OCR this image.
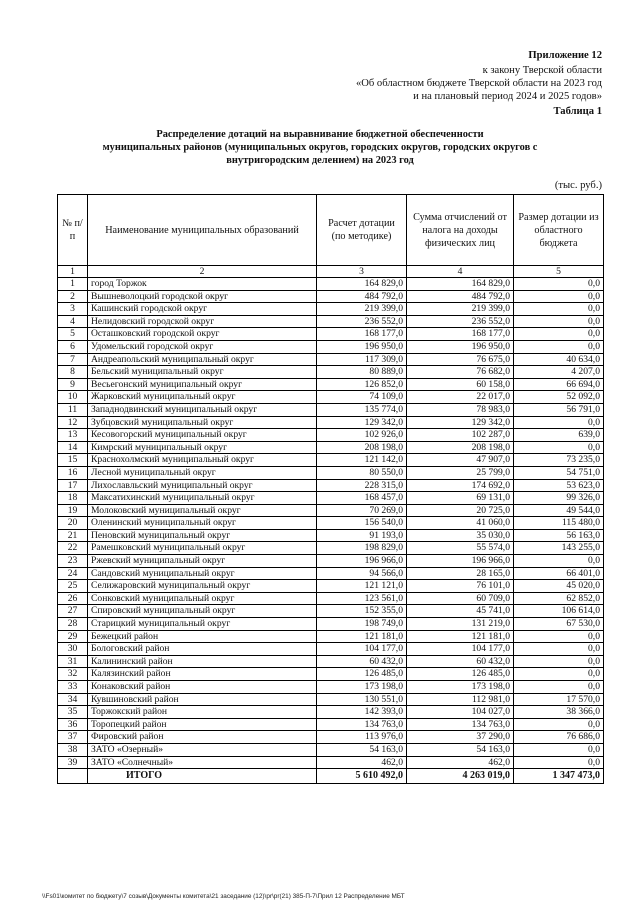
Приложение 12
к закону Тверской области
«Об областном бюджете Тверской области на 2023 год
и на плановый период 2024 и 2025 годов»
Таблица 1
Распределение дотаций на выравнивание бюджетной обеспеченности
муниципальных районов (муниципальных округов, городских округов, городских округов с
внутригородским делением) на 2023 год
(тыс. руб.)
№ п/п	Наименование муниципальных образований	Расчет дотации (по методике)	Сумма отчислений от налога на доходы физических лиц	Размер дотации из областного бюджета
1	2	3	4	5
1	город Торжок	164 829,0	164 829,0	0,0
2	Вышневолоцкий городской округ	484 792,0	484 792,0	0,0
3	Кашинский городской округ	219 399,0	219 399,0	0,0
4	Нелидовский городской округ	236 552,0	236 552,0	0,0
5	Осташковский городской округ	168 177,0	168 177,0	0,0
6	Удомельский городской округ	196 950,0	196 950,0	0,0
7	Андреапольский муниципальный округ	117 309,0	76 675,0	40 634,0
8	Бельский муниципальный округ	80 889,0	76 682,0	4 207,0
9	Весьегонский муниципальный округ	126 852,0	60 158,0	66 694,0
10	Жарковский муниципальный округ	74 109,0	22 017,0	52 092,0
11	Западнодвинский муниципальный округ	135 774,0	78 983,0	56 791,0
12	Зубцовский муниципальный округ	129 342,0	129 342,0	0,0
13	Кесовогорский муниципальный округ	102 926,0	102 287,0	639,0
14	Кимрский муниципальный округ	208 198,0	208 198,0	0,0
15	Краснохолмский муниципальный округ	121 142,0	47 907,0	73 235,0
16	Лесной муниципальный округ	80 550,0	25 799,0	54 751,0
17	Лихославльский муниципальный округ	228 315,0	174 692,0	53 623,0
18	Максатихинский муниципальный округ	168 457,0	69 131,0	99 326,0
19	Молоковский муниципальный округ	70 269,0	20 725,0	49 544,0
20	Оленинский муниципальный округ	156 540,0	41 060,0	115 480,0
21	Пеновский муниципальный округ	91 193,0	35 030,0	56 163,0
22	Рамешковский муниципальный округ	198 829,0	55 574,0	143 255,0
23	Ржевский муниципальный округ	196 966,0	196 966,0	0,0
24	Сандовский муниципальный округ	94 566,0	28 165,0	66 401,0
25	Селижаровский муниципальный округ	121 121,0	76 101,0	45 020,0
26	Сонковский муниципальный округ	123 561,0	60 709,0	62 852,0
27	Спировский муниципальный округ	152 355,0	45 741,0	106 614,0
28	Старицкий муниципальный округ	198 749,0	131 219,0	67 530,0
29	Бежецкий район	121 181,0	121 181,0	0,0
30	Бологовский район	104 177,0	104 177,0	0,0
31	Калининский район	60 432,0	60 432,0	0,0
32	Калязинский район	126 485,0	126 485,0	0,0
33	Конаковский район	173 198,0	173 198,0	0,0
34	Кувшиновский район	130 551,0	112 981,0	17 570,0
35	Торжокский район	142 393,0	104 027,0	38 366,0
36	Торопецкий район	134 763,0	134 763,0	0,0
37	Фировский район	113 976,0	37 290,0	76 686,0
38	ЗАТО «Озерный»	54 163,0	54 163,0	0,0
39	ЗАТО «Солнечный»	462,0	462,0	0,0
	ИТОГО	5 610 492,0	4 263 019,0	1 347 473,0
\\Fs01\комитет по бюджету\7 созыв\Документы комитета\21 заседание (12)\pr\pr(21) 385-П-7\Прил 12 Распределение МБТ
